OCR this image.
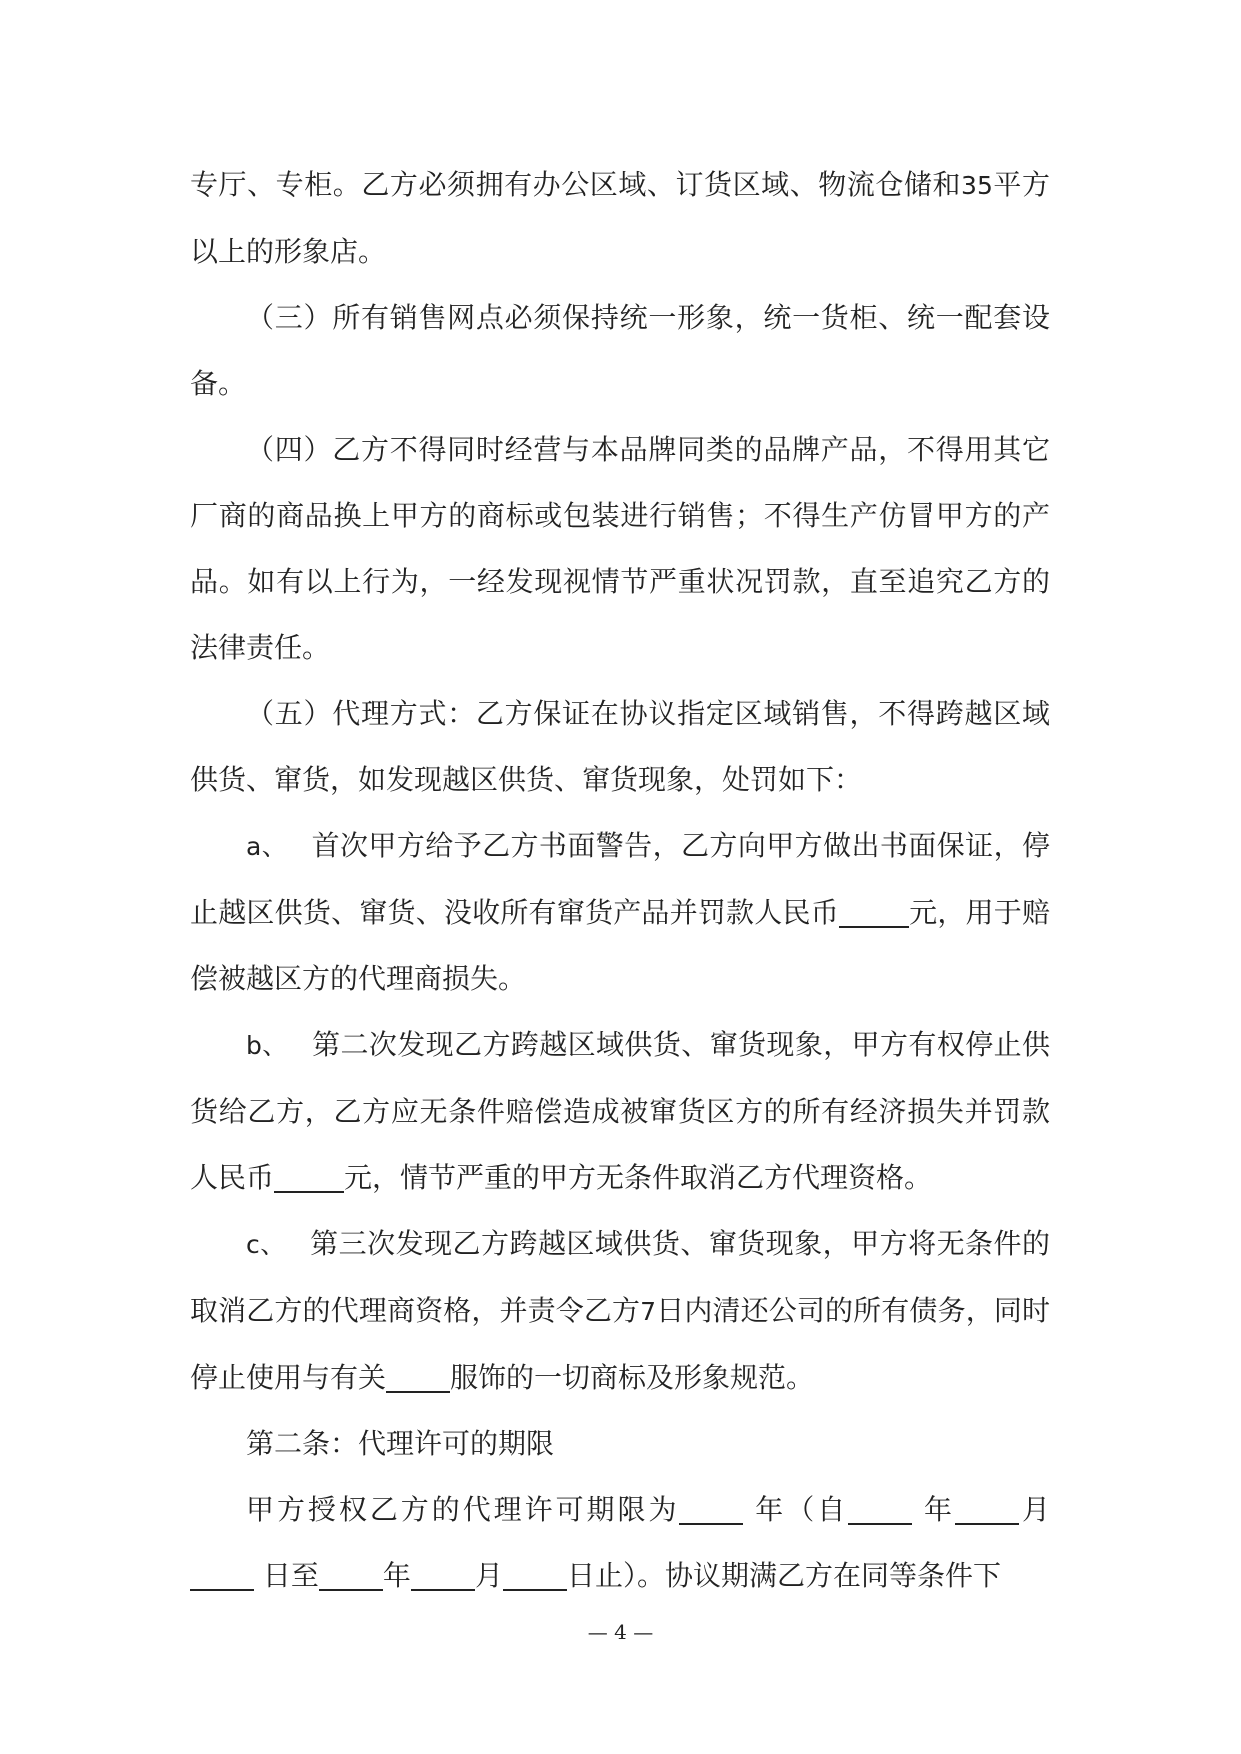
专厅、专柜。乙方必须拥有办公区域、订货区域、物流仓储和35平方以上的形象店。

（三）所有销售网点必须保持统一形象，统一货柜、统一配套设备。

（四）乙方不得同时经营与本品牌同类的品牌产品，不得用其它厂商的商品换上甲方的商标或包装进行销售；不得生产仿冒甲方的产品。如有以上行为，一经发现视情节严重状况罚款，直至追究乙方的法律责任。

（五）代理方式：乙方保证在协议指定区域销售，不得跨越区域供货、窜货，如发现越区供货、窜货现象，处罚如下：

a、 首次甲方给予乙方书面警告，乙方向甲方做出书面保证，停止越区供货、窜货、没收所有窜货产品并罚款人民币	元，用于赔偿被越区方的代理商损失。

b、 第二次发现乙方跨越区域供货、窜货现象，甲方有权停止供货给乙方，乙方应无条件赔偿造成被窜货区方的所有经济损失并罚款人民币	元，情节严重的甲方无条件取消乙方代理资格。

c、 第三次发现乙方跨越区域供货、窜货现象，甲方将无条件的取消乙方的代理商资格，并责令乙方7日内清还公司的所有债务，同时停止使用与有关 服饰的一切商标及形象规范。

第二条：代理许可的期限

甲方授权乙方的代理许可期限为	年（自	年 月 日至 年 月 日止）。协议期满乙方在同等条件下

— 4 —
